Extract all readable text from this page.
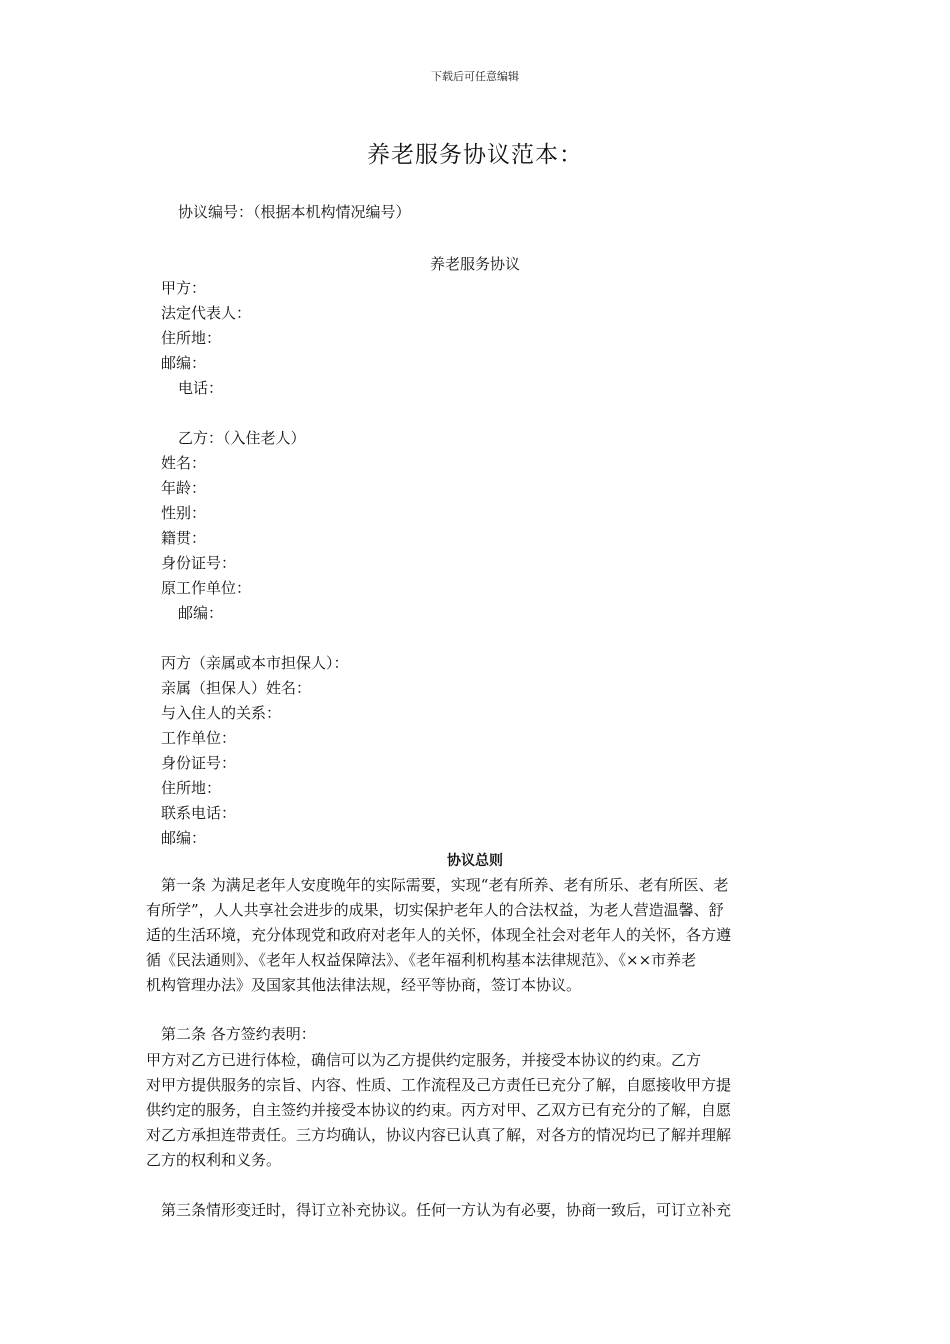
下载后可任意编辑
养老服务协议范本：
协议编号：（根据本机构情况编号）
养老服务协议
甲方：
法定代表人：
住所地：
邮编：
电话：
乙方：（入住老人）
姓名：
年龄：
性别：
籍贯：
身份证号：
原工作单位：
邮编：
丙方（亲属或本市担保人）：
亲属（担保人）姓名：
与入住人的关系：
工作单位：
身份证号：
住所地：
联系电话：
邮编：
协议总则
第一条 为满足老年人安度晚年的实际需要，实现“老有所养、老有所乐、老有所医、老
有所学”，人人共享社会进步的成果，切实保护老年人的合法权益，为老人营造温馨、舒
适的生活环境，充分体现党和政府对老年人的关怀，体现全社会对老年人的关怀，各方遵
循《民法通则》、《老年人权益保障法》、《老年福利机构基本法律规范》、《××市养老
机构管理办法》及国家其他法律法规，经平等协商，签订本协议。
第二条 各方签约表明：
甲方对乙方已进行体检，确信可以为乙方提供约定服务，并接受本协议的约束。乙方
对甲方提供服务的宗旨、内容、性质、工作流程及己方责任已充分了解，自愿接收甲方提
供约定的服务，自主签约并接受本协议的约束。丙方对甲、乙双方已有充分的了解，自愿
对乙方承担连带责任。三方均确认，协议内容已认真了解，对各方的情况均已了解并理解
乙方的权利和义务。
第三条情形变迁时，得订立补充协议。任何一方认为有必要，协商一致后，可订立补充
